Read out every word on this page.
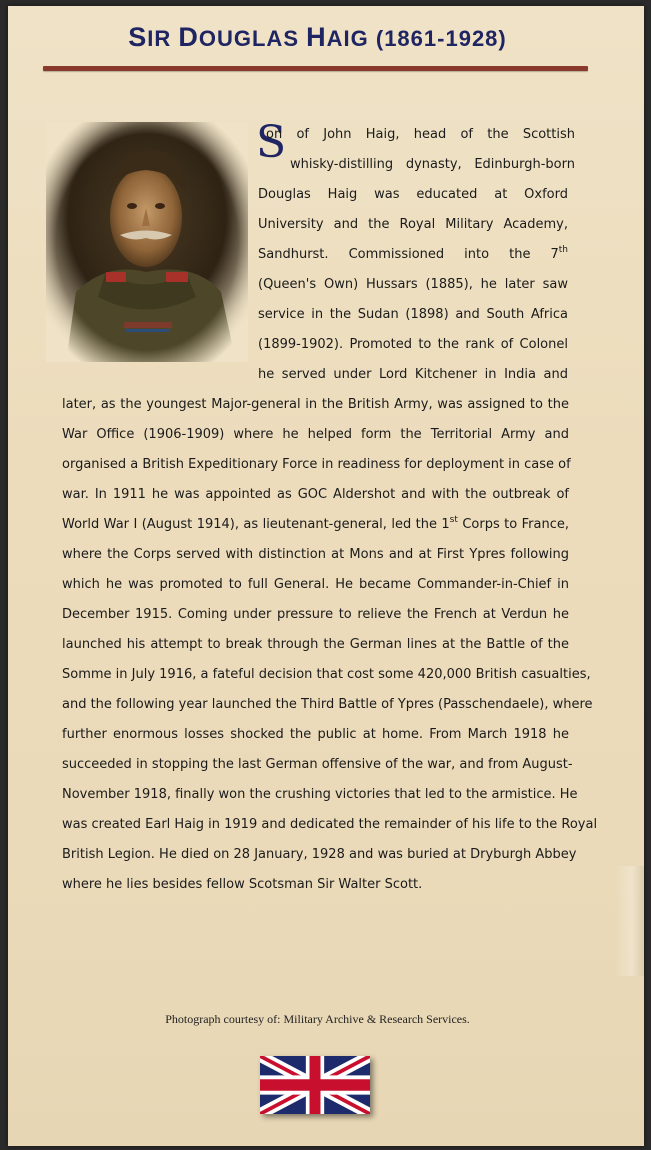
SIR DOUGLAS HAIG (1861-1928)
S
on of John Haig, head of the Scottish
whisky-distilling dynasty, Edinburgh-born
Douglas Haig was educated at Oxford
University and the Royal Military Academy,
Sandhurst. Commissioned into the 7th
(Queen's Own) Hussars (1885), he later saw
service in the Sudan (1898) and South Africa
(1899-1902). Promoted to the rank of Colonel
he served under Lord Kitchener in India and
later, as the youngest Major-general in the British Army, was assigned to the
War Office (1906-1909) where he helped form the Territorial Army and
organised a British Expeditionary Force in readiness for deployment in case of
war. In 1911 he was appointed as GOC Aldershot and with the outbreak of
World War I (August 1914), as lieutenant-general, led the 1st Corps to France,
where the Corps served with distinction at Mons and at First Ypres following
which he was promoted to full General. He became Commander-in-Chief in
December 1915. Coming under pressure to relieve the French at Verdun he
launched his attempt to break through the German lines at the Battle of the
Somme in July 1916, a fateful decision that cost some 420,000 British casualties,
and the following year launched the Third Battle of Ypres (Passchendaele), where
further enormous losses shocked the public at home. From March 1918 he
succeeded in stopping the last German offensive of the war, and from August-
November 1918, finally won the crushing victories that led to the armistice. He
was created Earl Haig in 1919 and dedicated the remainder of his life to the Royal
British Legion. He died on 28 January, 1928 and was buried at Dryburgh Abbey
where he lies besides fellow Scotsman Sir Walter Scott.
Photograph courtesy of: Military Archive & Research Services.
